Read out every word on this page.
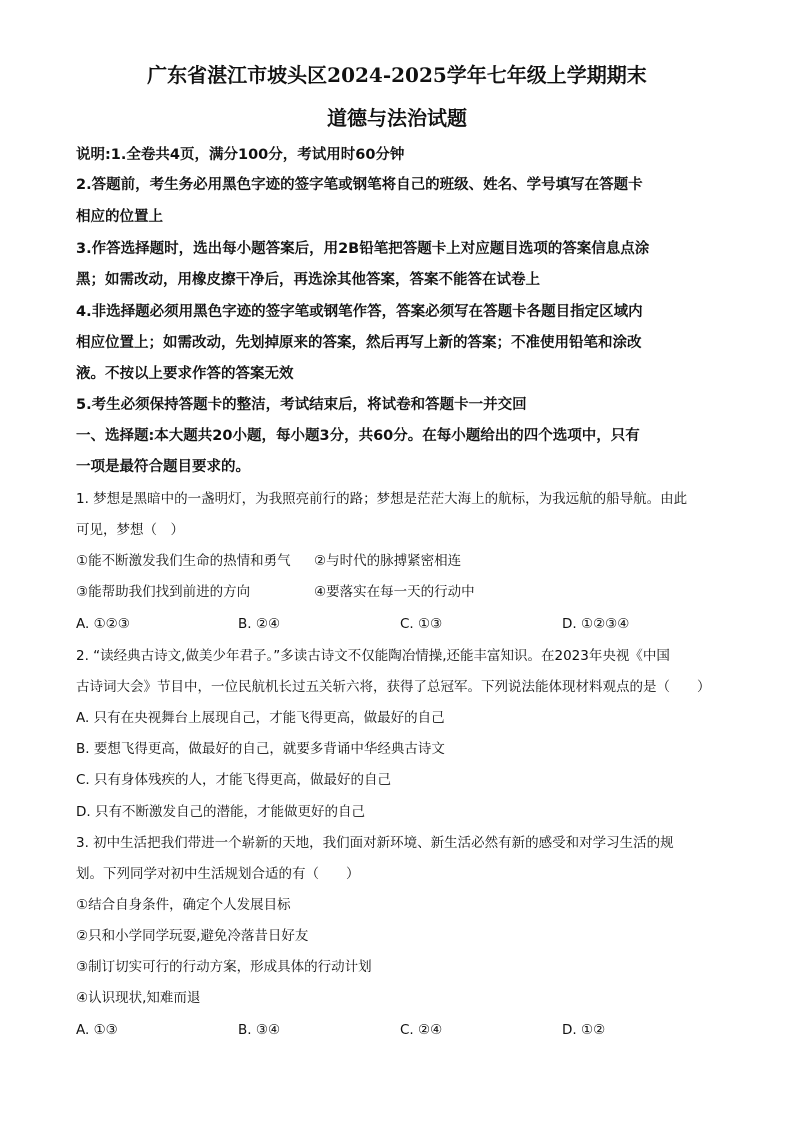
广东省湛江市坡头区2024-2025学年七年级上学期期末
道德与法治试题
说明:1.全卷共4页，满分100分，考试用时60分钟
2.答题前，考生务必用黑色字迹的签字笔或钢笔将自己的班级、姓名、学号填写在答题卡
相应的位置上
3.作答选择题时，选出每小题答案后，用2B铅笔把答题卡上对应题目选项的答案信息点涂
黑；如需改动，用橡皮擦干净后，再选涂其他答案，答案不能答在试卷上
4.非选择题必须用黑色字迹的签字笔或钢笔作答，答案必须写在答题卡各题目指定区域内
相应位置上；如需改动，先划掉原来的答案，然后再写上新的答案；不准使用铅笔和涂改
液。不按以上要求作答的答案无效
5.考生必须保持答题卡的整洁，考试结束后，将试卷和答题卡一并交回
一、选择题:本大题共20小题，每小题3分，共60分。在每小题给出的四个选项中，只有
一项是最符合题目要求的。
1. 梦想是黑暗中的一盏明灯，为我照亮前行的路；梦想是茫茫大海上的航标，为我远航的船导航。由此
可见，梦想（　）
①能不断激发我们生命的热情和勇气 ②与时代的脉搏紧密相连
③能帮助我们找到前进的方向	④要落实在每一天的行动中
A. ①②③	B. ②④	C. ①③	D. ①②③④
2. “读经典古诗文,做美少年君子。”多读古诗文不仅能陶冶情操,还能丰富知识。在2023年央视《中国
古诗词大会》节目中，一位民航机长过五关斩六将，获得了总冠军。下列说法能体现材料观点的是（　　）
A. 只有在央视舞台上展现自己，才能飞得更高，做最好的自己
B. 要想飞得更高，做最好的自己，就要多背诵中华经典古诗文
C. 只有身体残疾的人，才能飞得更高，做最好的自己
D. 只有不断激发自己的潜能，才能做更好的自己
3. 初中生活把我们带进一个崭新的天地，我们面对新环境、新生活必然有新的感受和对学习生活的规
划。下列同学对初中生活规划合适的有（　　）
①结合自身条件，确定个人发展目标
②只和小学同学玩耍,避免冷落昔日好友
③制订切实可行的行动方案，形成具体的行动计划
④认识现状,知难而退
A. ①③	B. ③④	C. ②④	D. ①②
